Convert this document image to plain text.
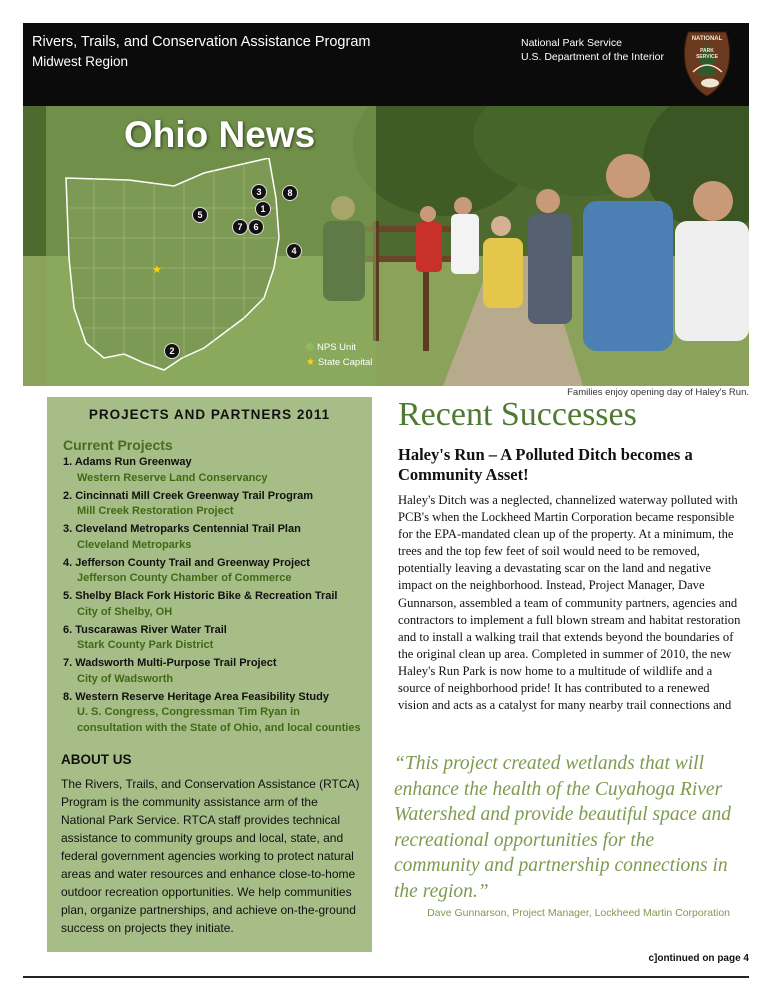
Rivers, Trails, and Conservation Assistance Program
Midwest Region
National Park Service
U.S. Department of the Interior
NATIONAL
PARK
SERVICE
Ohio News
★
3	8
1
5
7	6
4
2	NPS Unit
★ State Capital
Families enjoy opening day of Haley's Run.
PROJECTS AND PARTNERS 2011
Current Projects
1. Adams Run Greenway
Western Reserve Land Conservancy
2. Cincinnati Mill Creek Greenway Trail Program
Mill Creek Restoration Project
3. Cleveland Metroparks Centennial Trail Plan
Cleveland Metroparks
4. Jefferson County Trail and Greenway Project
Jefferson County Chamber of Commerce
5. Shelby Black Fork Historic Bike & Recreation Trail
City of Shelby, OH
6. Tuscarawas River Water Trail
Stark County Park District
7. Wadsworth Multi-Purpose Trail Project
City of Wadsworth
8. Western Reserve Heritage Area Feasibility Study
U. S. Congress, Congressman Tim Ryan in consultation with the State of Ohio, and local counties
ABOUT US

The Rivers, Trails, and Conservation Assistance (RTCA) Program is the community assistance arm of the National Park Service. RTCA staff provides technical assistance to community groups and local, state, and federal government agencies working to protect natural areas and water resources and enhance close-to-home outdoor recreation opportunities. We help communities plan, organize partnerships, and achieve on-the-ground success on projects they initiate.

Recent Successes
Haley's Run – A Polluted Ditch becomes a Community Asset!

Haley's Ditch was a neglected, channelized waterway polluted with PCB's when the Lockheed Martin Corporation became responsible for the EPA-mandated clean up of the property. At a minimum, the trees and the top few feet of soil would need to be removed, potentially leaving a devastating scar on the land and negative impact on the neighborhood. Instead, Project Manager, Dave Gunnarson, assembled a team of community partners, agencies and contractors to implement a full blown stream and habitat restoration and to install a walking trail that extends beyond the boundaries of the original clean up area. Completed in summer of 2010, the new Haley's Run Park is now home to a multitude of wildlife and a source of neighborhood pride! It has contributed to a renewed vision and acts as a catalyst for many nearby trail connections and

“This project created wetlands that will enhance the health of the Cuyahoga River Watershed and provide beautiful space and recreational opportunities for the community and partnership connections in the region.”

Dave Gunnarson, Project Manager, Lockheed Martin Corporation
c]ontinued on page 4
